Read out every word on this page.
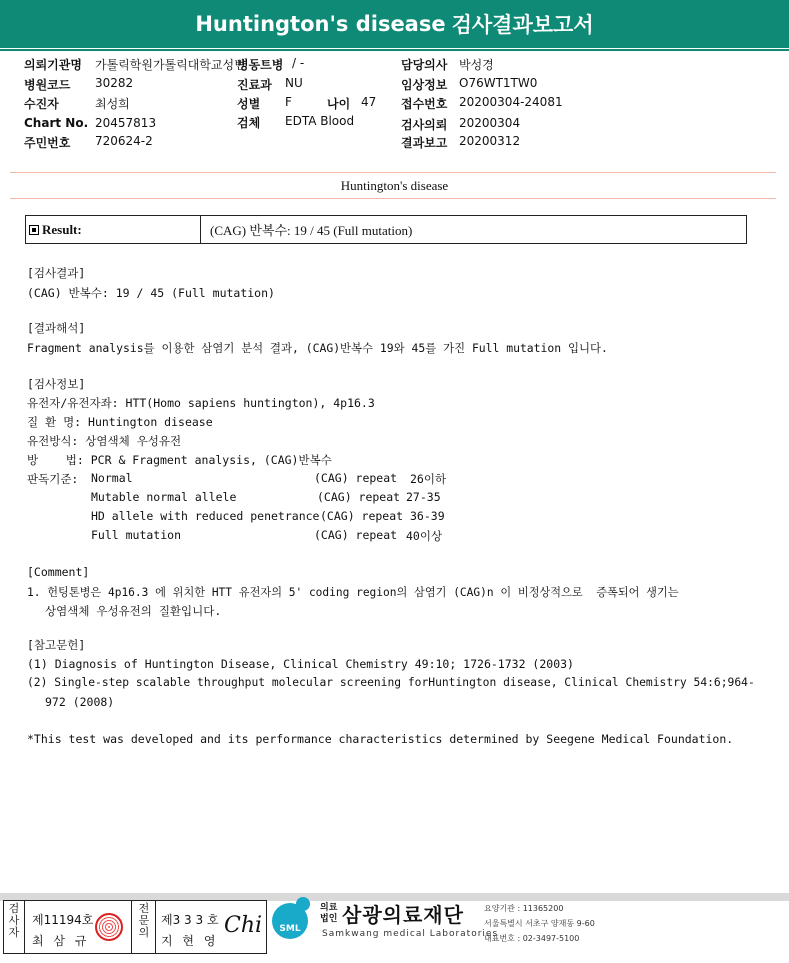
Huntington's disease 검사결과보고서
의뢰기관명 가톨릭학원가톨릭대학교성빈
병원코드 30282
수진자	최성희
Chart No. 20457813
주민번호 720624-2
병동트병 / -
진료과 NU
성별 F	나이 47
검체 EDTA Blood
담당의사 박성경
임상정보 O76WT1TW0
접수번호 20200304-24081
검사의뢰 20200304
결과보고 20200312
Huntington's disease
Result:	(CAG) 반복수: 19 / 45 (Full mutation)
[검사결과]
(CAG) 반복수: 19 / 45 (Full mutation)
[결과해석]
Fragment analysis를 이용한 삼염기 분석 결과, (CAG)반복수 19와 45를 가진 Full mutation 입니다.
[검사정보]
유전자/유전자좌: HTT(Homo sapiens huntington), 4p16.3
질 환 명: Huntington disease
유전방식: 상염색체 우성유전
방    법: PCR & Fragment analysis, (CAG)반복수
판독기준: Normal	(CAG) repeat 26이하
Mutable normal allele	(CAG) repeat 27-35
HD allele with reduced penetrance (CAG) repeat 36-39
Full mutation	(CAG) repeat 40이상
[Comment]
1. 헌팅톤병은 4p16.3 에 위치한 HTT 유전자의 5' coding region의 삼염기 (CAG)n 이 비정상적으로  증폭되어 생기는
상염색체 우성유전의 질환입니다.
[참고문헌]
(1) Diagnosis of Huntington Disease, Clinical Chemistry 49:10; 1726-1732 (2003)
(2) Single-step scalable throughput molecular screening forHuntington disease, Clinical Chemistry 54:6;964-
972 (2008)
*This test was developed and its performance characteristics determined by Seegene Medical Foundation.
검사자
제11194호
최 삼 규
전문의
제3 3 3 호
지 현 영
Chi SML
의료법인 삼광의료재단
Samkwang medical Laboratories
요양기관 : 11365200
서울특별시 서초구 양재동 9-60
대표번호 : 02-3497-5100
